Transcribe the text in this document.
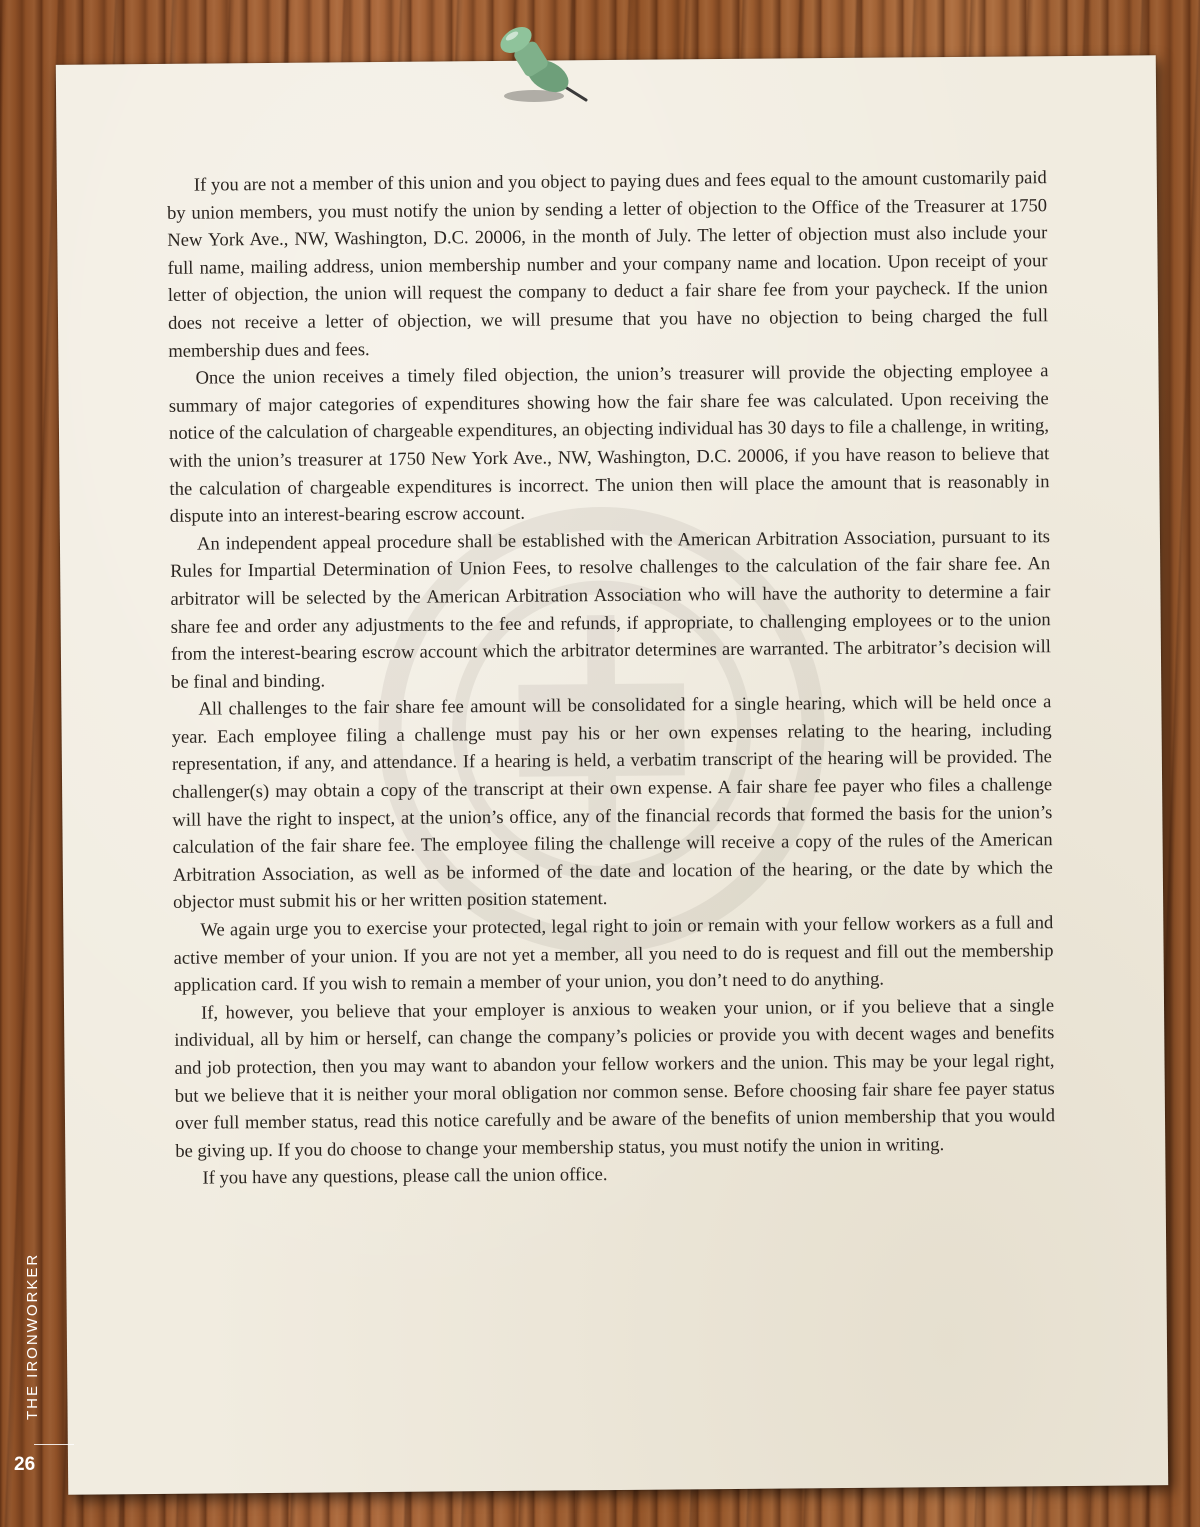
If you are not a member of this union and you object to paying dues and fees equal to the amount customarily paid by union members, you must notify the union by sending a letter of objection to the Office of the Treasurer at 1750 New York Ave., NW, Washington, D.C. 20006, in the month of July. The letter of objection must also include your full name, mailing address, union membership number and your company name and location. Upon receipt of your letter of objection, the union will request the company to deduct a fair share fee from your paycheck. If the union does not receive a letter of objection, we will presume that you have no objection to being charged the full membership dues and fees.

Once the union receives a timely filed objection, the union’s treasurer will provide the objecting employee a summary of major categories of expenditures showing how the fair share fee was calculated. Upon receiving the notice of the calculation of chargeable expenditures, an objecting individual has 30 days to file a challenge, in writing, with the union’s treasurer at 1750 New York Ave., NW, Washington, D.C. 20006, if you have reason to believe that the calculation of chargeable expenditures is incorrect. The union then will place the amount that is reasonably in dispute into an interest-bearing escrow account.

An independent appeal procedure shall be established with the American Arbitration Association, pursuant to its Rules for Impartial Determination of Union Fees, to resolve challenges to the calculation of the fair share fee. An arbitrator will be selected by the American Arbitration Association who will have the authority to determine a fair share fee and order any adjustments to the fee and refunds, if appropriate, to challenging employees or to the union from the interest-bearing escrow account which the arbitrator determines are warranted. The arbitrator’s decision will be final and binding.

All challenges to the fair share fee amount will be consolidated for a single hearing, which will be held once a year. Each employee filing a challenge must pay his or her own expenses relating to the hearing, including representation, if any, and attendance. If a hearing is held, a verbatim transcript of the hearing will be provided. The challenger(s) may obtain a copy of the transcript at their own expense. A fair share fee payer who files a challenge will have the right to inspect, at the union’s office, any of the financial records that formed the basis for the union’s calculation of the fair share fee. The employee filing the challenge will receive a copy of the rules of the American Arbitration Association, as well as be informed of the date and location of the hearing, or the date by which the objector must submit his or her written position statement.

We again urge you to exercise your protected, legal right to join or remain with your fellow workers as a full and active member of your union. If you are not yet a member, all you need to do is request and fill out the membership application card. If you wish to remain a member of your union, you don’t need to do anything.

If, however, you believe that your employer is anxious to weaken your union, or if you believe that a single individual, all by him or herself, can change the company’s policies or provide you with decent wages and benefits and job protection, then you may want to abandon your fellow workers and the union. This may be your legal right, but we believe that it is neither your moral obligation nor common sense. Before choosing fair share fee payer status over full member status, read this notice carefully and be aware of the benefits of union membership that you would be giving up. If you do choose to change your membership status, you must notify the union in writing.

If you have any questions, please call the union office.

THE IRONWORKER
26
